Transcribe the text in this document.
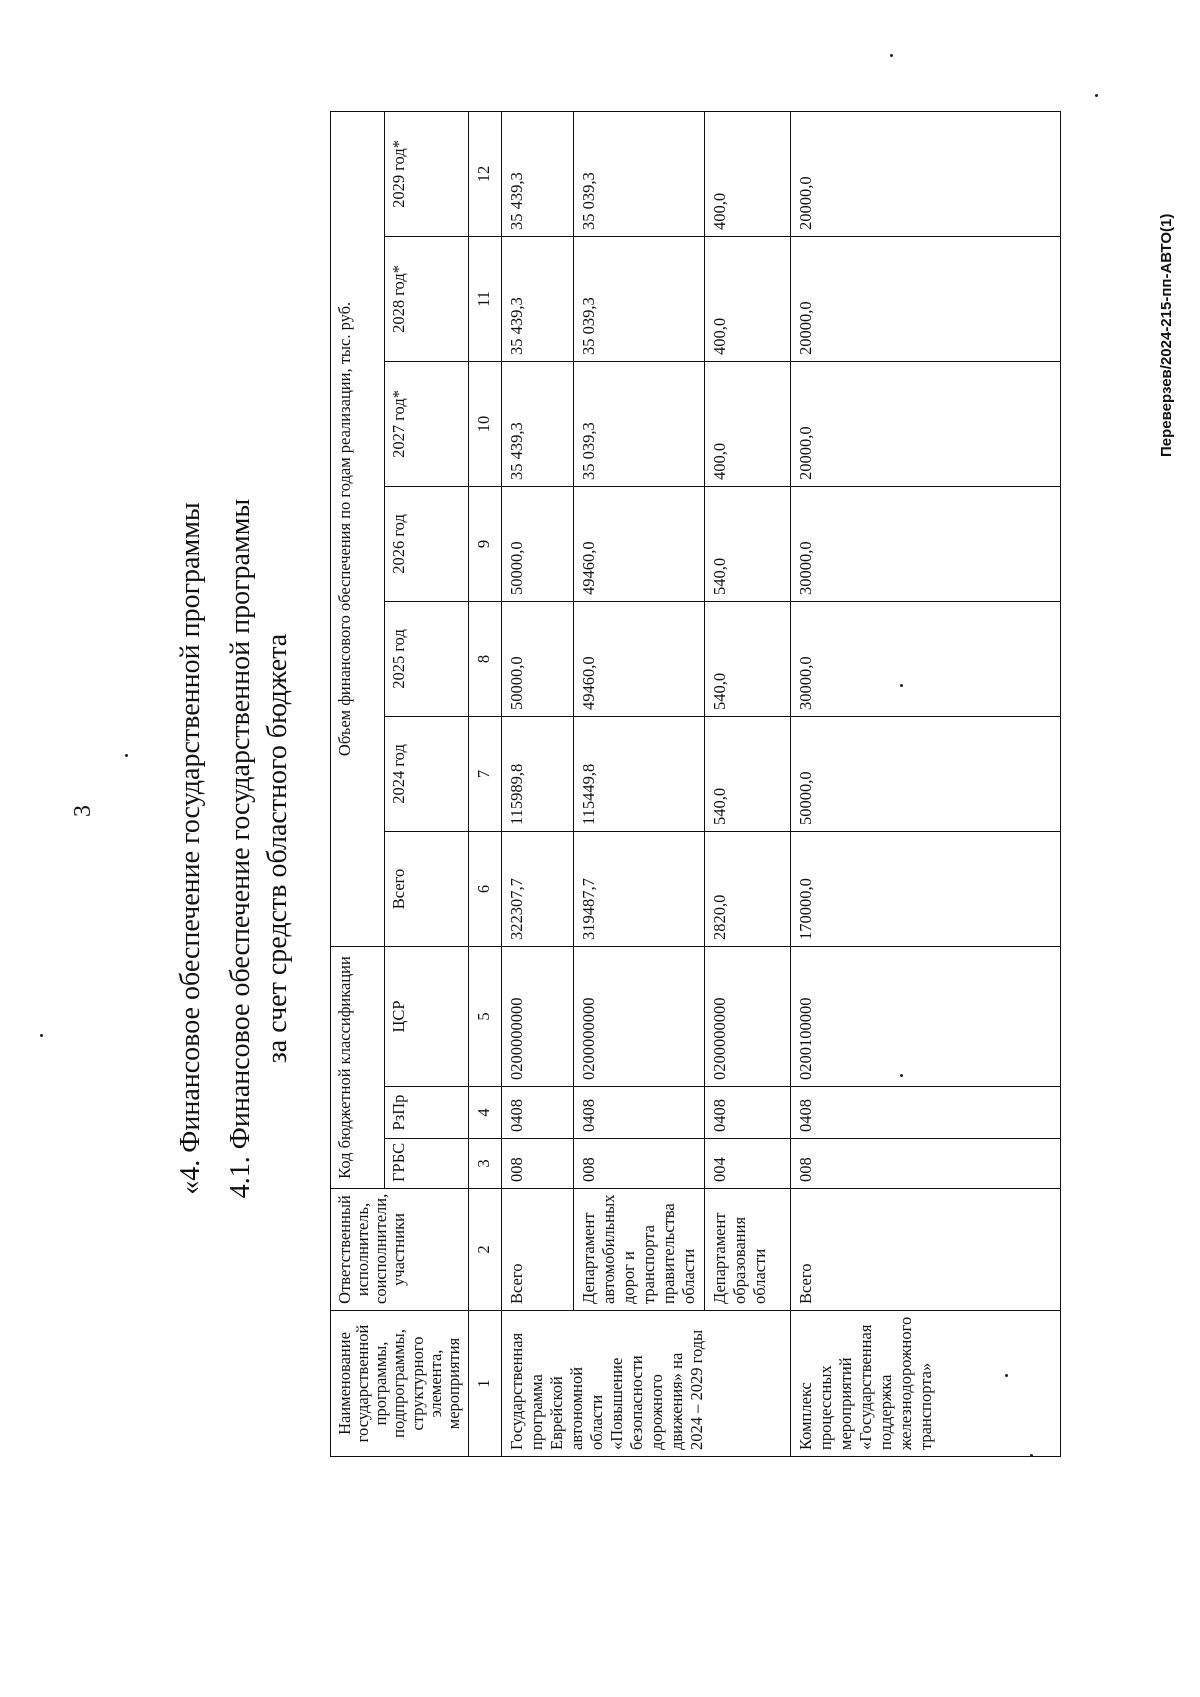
3	«4. Финансовое обеспечение государственной программы 4.1. Финансовое обеспечение государственной программы за счет средств областного бюджета
Наименование государственной программы, подпрограммы, структурного элемента, мероприятия	Ответственный исполнитель, соисполнители, участники	Код бюджетной классификации			Объем финансового обеспечения по годам реализации, тыс. руб.						
		ГРБС	РзПр	ЦСР	Всего	2024 год	2025 год	2026 год	2027 год*	2028 год*	2029 год*
1	2	3	4	5	6	7	8	9	10	11	12
Государственная программа Еврейской автономной области «Повышение безопасности дорожного движения» на 2024 – 2029 годы	Всего	008	0408	0200000000	322307,7	115989,8	50000,0	50000,0	35 439,3	35 439,3	35 439,3
	Департамент автомобильных дорог и транспорта правительства области	008	0408	0200000000	319487,7	115449,8	49460,0	49460,0	35 039,3	35 039,3	35 039,3
	Департамент образования области	004	0408	0200000000	2820,0	540,0	540,0	540,0	400,0	400,0	400,0
Комплекс процессных мероприятий «Государственная поддержка железнодорожного транспорта»	Всего	008	0408	0200100000	170000,0	50000,0	30000,0	30000,0	20000,0	20000,0	20000,0
Переверзев/2024-215-пп-АВТО(1)
